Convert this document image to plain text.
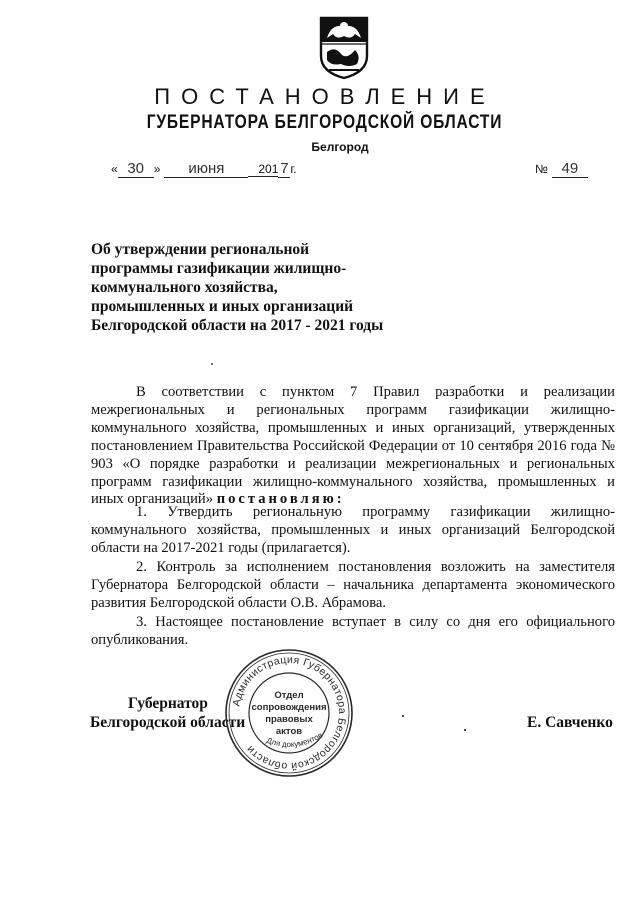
ПОСТАНОВЛЕНИЕ
ГУБЕРНАТОРА БЕЛГОРОДСКОЙ ОБЛАСТИ
Белгород
« 30 » июня	201 7 г.	№ 49
Об утверждении региональной
программы газификации жилищно-
коммунального хозяйства,
промышленных и иных организаций
Белгородской области на 2017 - 2021 годы

В соответствии с пунктом 7 Правил разработки и реализации межрегиональных и региональных программ газификации жилищно-коммунального хозяйства, промышленных и иных организаций, утвержденных постановлением Правительства Российской Федерации от 10 сентября 2016 года № 903 «О порядке разработки и реализации межрегиональных и региональных программ газификации жилищно-коммунального хозяйства, промышленных и иных организаций» постановляю:

1. Утвердить региональную программу газификации жилищно-коммунального хозяйства, промышленных и иных организаций Белгородской области на 2017-2021 годы (прилагается).
2. Контроль за исполнением постановления возложить на заместителя Губернатора Белгородской области – начальника департамента экономического развития Белгородской области О.В. Абрамова.
3. Настоящее постановление вступает в силу со дня его официального опубликования.
Губернатор
Белгородской области	Е. Савченко
Администрация Губернатора Белгородской области
Для документов
Отдел
сопровождения
правовых
актов
